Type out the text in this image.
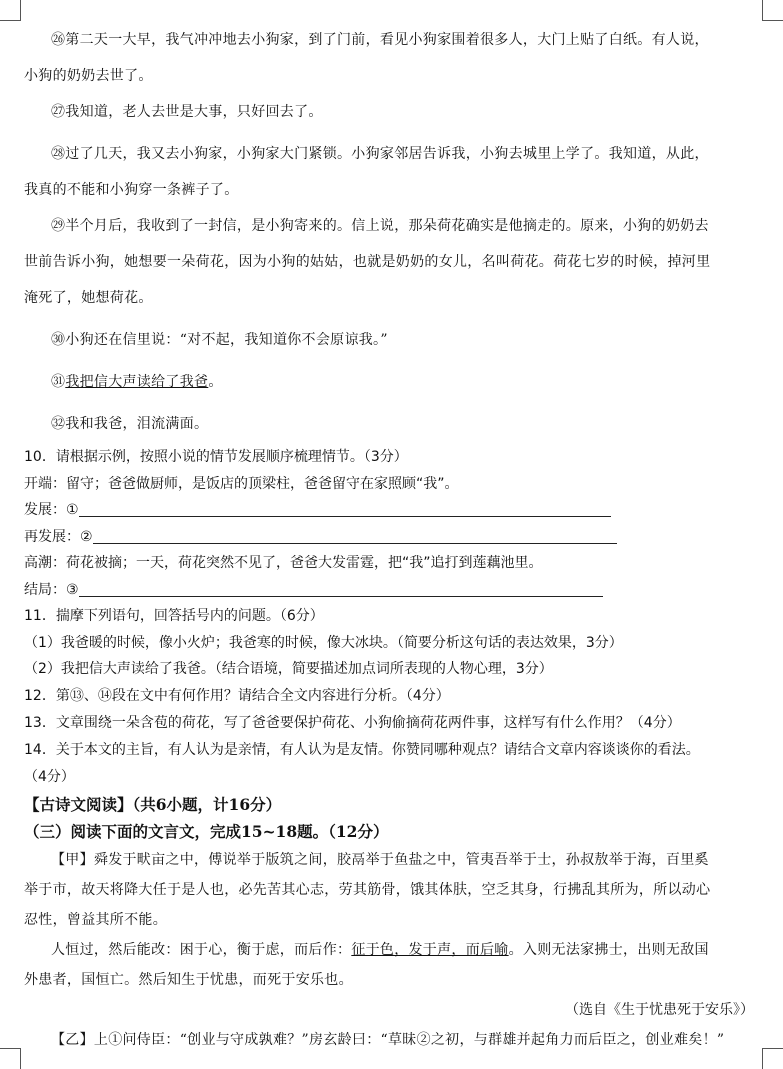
㉖第二天一大早，我气冲冲地去小狗家，到了门前，看见小狗家围着很多人，大门上贴了白纸。有人说，

小狗的奶奶去世了。

㉗我知道，老人去世是大事，只好回去了。

㉘过了几天，我又去小狗家，小狗家大门紧锁。小狗家邻居告诉我，小狗去城里上学了。我知道，从此，

我真的不能和小狗穿一条裤子了。

㉙半个月后，我收到了一封信，是小狗寄来的。信上说，那朵荷花确实是他摘走的。原来，小狗的奶奶去

世前告诉小狗，她想要一朵荷花，因为小狗的姑姑，也就是奶奶的女儿，名叫荷花。荷花七岁的时候，掉河里

淹死了，她想荷花。

㉚小狗还在信里说：“对不起，我知道你不会原谅我。”

㉛我把信大声读给了我爸。

㉜我和我爸，泪流满面。

10．请根据示例，按照小说的情节发展顺序梳理情节。（3分）

开端：留守；爸爸做厨师，是饭店的顶梁柱，爸爸留守在家照顾“我”。

发展：①

再发展：②

高潮：荷花被摘；一天，荷花突然不见了，爸爸大发雷霆，把“我”追打到莲藕池里。

结局：③

11．揣摩下列语句，回答括号内的问题。（6分）

（1）我爸暖的时候，像小火炉；我爸寒的时候，像大冰块。（简要分析这句话的表达效果，3分）

（2）我把信大声读给了我爸。（结合语境，简要描述加点词所表现的人物心理，3分）

12．第⑬、⑭段在文中有何作用？请结合全文内容进行分析。（4分）

13．文章围绕一朵含苞的荷花，写了爸爸要保护荷花、小狗偷摘荷花两件事，这样写有什么作用？（4分）

14．关于本文的主旨，有人认为是亲情，有人认为是友情。你赞同哪种观点？请结合文章内容谈谈你的看法。

（4分）

【古诗文阅读】（共6小题，计16分）

（三）阅读下面的文言文，完成15~18题。（12分）

【甲】舜发于畎亩之中，傅说举于版筑之间，胶鬲举于鱼盐之中，管夷吾举于士，孙叔敖举于海，百里奚

举于市，故天将降大任于是人也，必先苦其心志，劳其筋骨，饿其体肤，空乏其身，行拂乱其所为，所以动心

忍性，曾益其所不能。

人恒过，然后能改：困于心，衡于虑，而后作：征于色，发于声，而后喻。入则无法家拂士，出则无敌国

外患者，国恒亡。然后知生于忧患，而死于安乐也。

（选自《生于忧患死于安乐》）

【乙】上①问侍臣：“创业与守成孰难？”房玄龄曰：“草昧②之初，与群雄并起角力而后臣之，创业难矣！”
